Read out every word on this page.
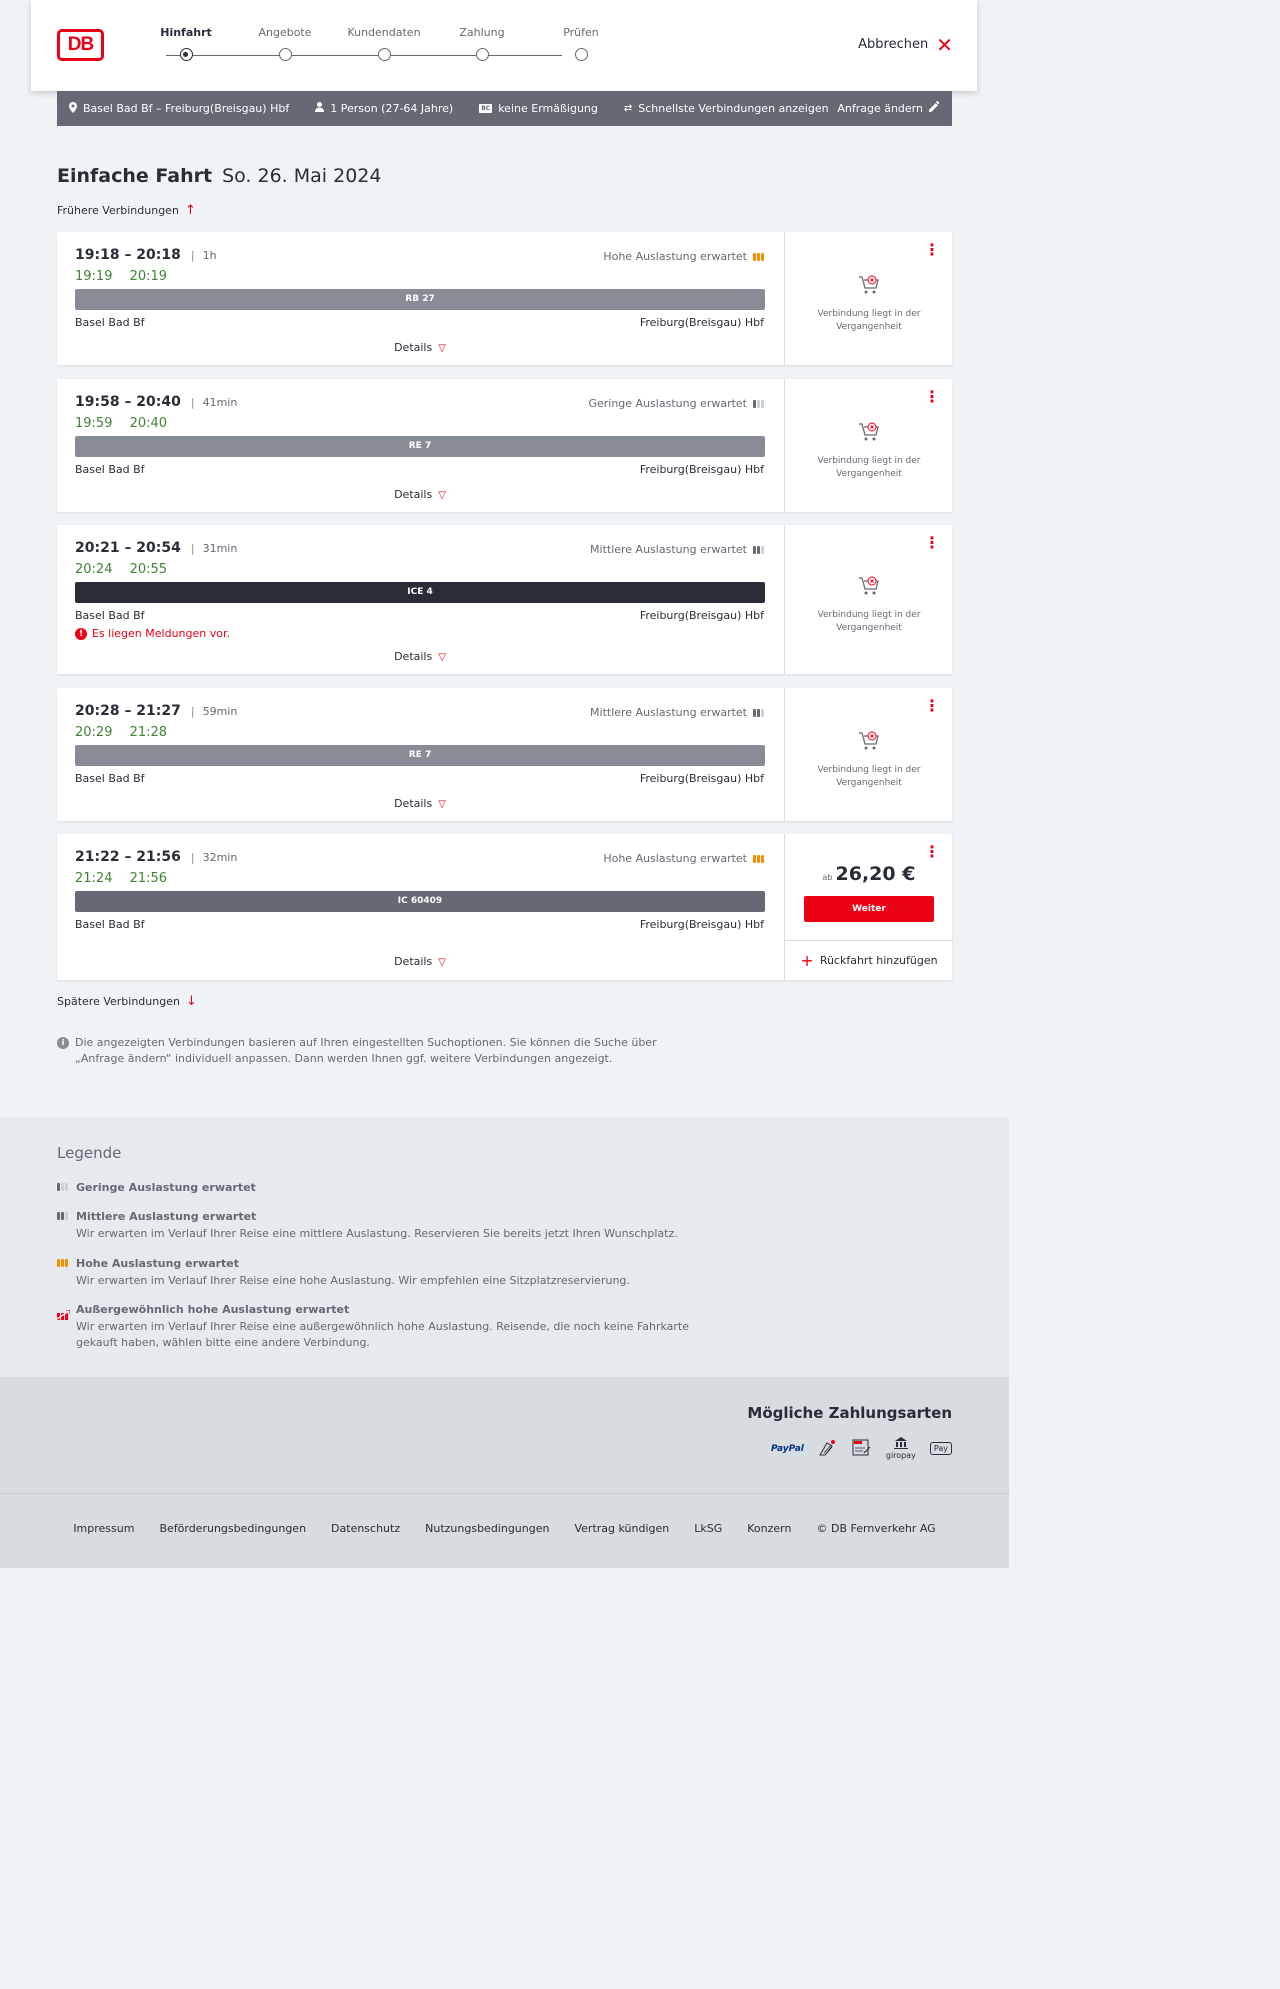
DB
Hinfahrt	Angebote	Kundendaten	Zahlung	Prüfen
Abbrechen ✕
Basel Bad Bf – Freiburg(Breisgau) Hbf	1 Person (27-64 Jahre)	BC keine Ermäßigung	⇄ Schnellste Verbindungen anzeigen Anfrage ändern
Einfache Fahrt So. 26. Mai 2024
Frühere Verbindungen ↑
19:18 – 20:18 | 1h
19:19 20:19
Hohe Auslastung erwartet
RB 27
Basel Bad Bf	Freiburg(Breisgau) Hbf
Details ▽
⋮
Verbindung liegt in der Vergangenheit
19:58 – 20:40 | 41min
19:59 20:40
Geringe Auslastung erwartet
RE 7
Basel Bad Bf	Freiburg(Breisgau) Hbf
Details ▽
⋮
Verbindung liegt in der Vergangenheit
20:21 – 20:54 | 31min
20:24 20:55
Mittlere Auslastung erwartet
ICE 4
Basel Bad Bf	Freiburg(Breisgau) Hbf
! Es liegen Meldungen vor.
Details ▽
⋮
Verbindung liegt in der Vergangenheit
20:28 – 21:27 | 59min
20:29 21:28
Mittlere Auslastung erwartet
RE 7
Basel Bad Bf	Freiburg(Breisgau) Hbf
Details ▽
⋮
Verbindung liegt in der Vergangenheit
21:22 – 21:56 | 32min
21:24 21:56
Hohe Auslastung erwartet
IC 60409
Basel Bad Bf	Freiburg(Breisgau) Hbf
Details ▽
⋮
ab 26,20 €
Weiter
+ Rückfahrt hinzufügen
Spätere Verbindungen ↓
i Die angezeigten Verbindungen basieren auf Ihren eingestellten Suchoptionen. Sie können die Suche über „Anfrage ändern“ individuell anpassen. Dann werden Ihnen ggf. weitere Verbindungen angezeigt.
Legende
Geringe Auslastung erwartet
Mittlere Auslastung erwartet
Wir erwarten im Verlauf Ihrer Reise eine mittlere Auslastung. Reservieren Sie bereits jetzt Ihren Wunschplatz.
Hohe Auslastung erwartet
Wir erwarten im Verlauf Ihrer Reise eine hohe Auslastung. Wir empfehlen eine Sitzplatzreservierung.
Außergewöhnlich hohe Auslastung erwartet
Wir erwarten im Verlauf Ihrer Reise eine außergewöhnlich hohe Auslastung. Reisende, die noch keine Fahrkarte gekauft haben, wählen bitte eine andere Verbindung.
Mögliche Zahlungsarten
PayPal

giropay
Pay
Impressum Beförderungsbedingungen Datenschutz Nutzungsbedingungen Vertrag kündigen LkSG Konzern © DB Fernverkehr AG
